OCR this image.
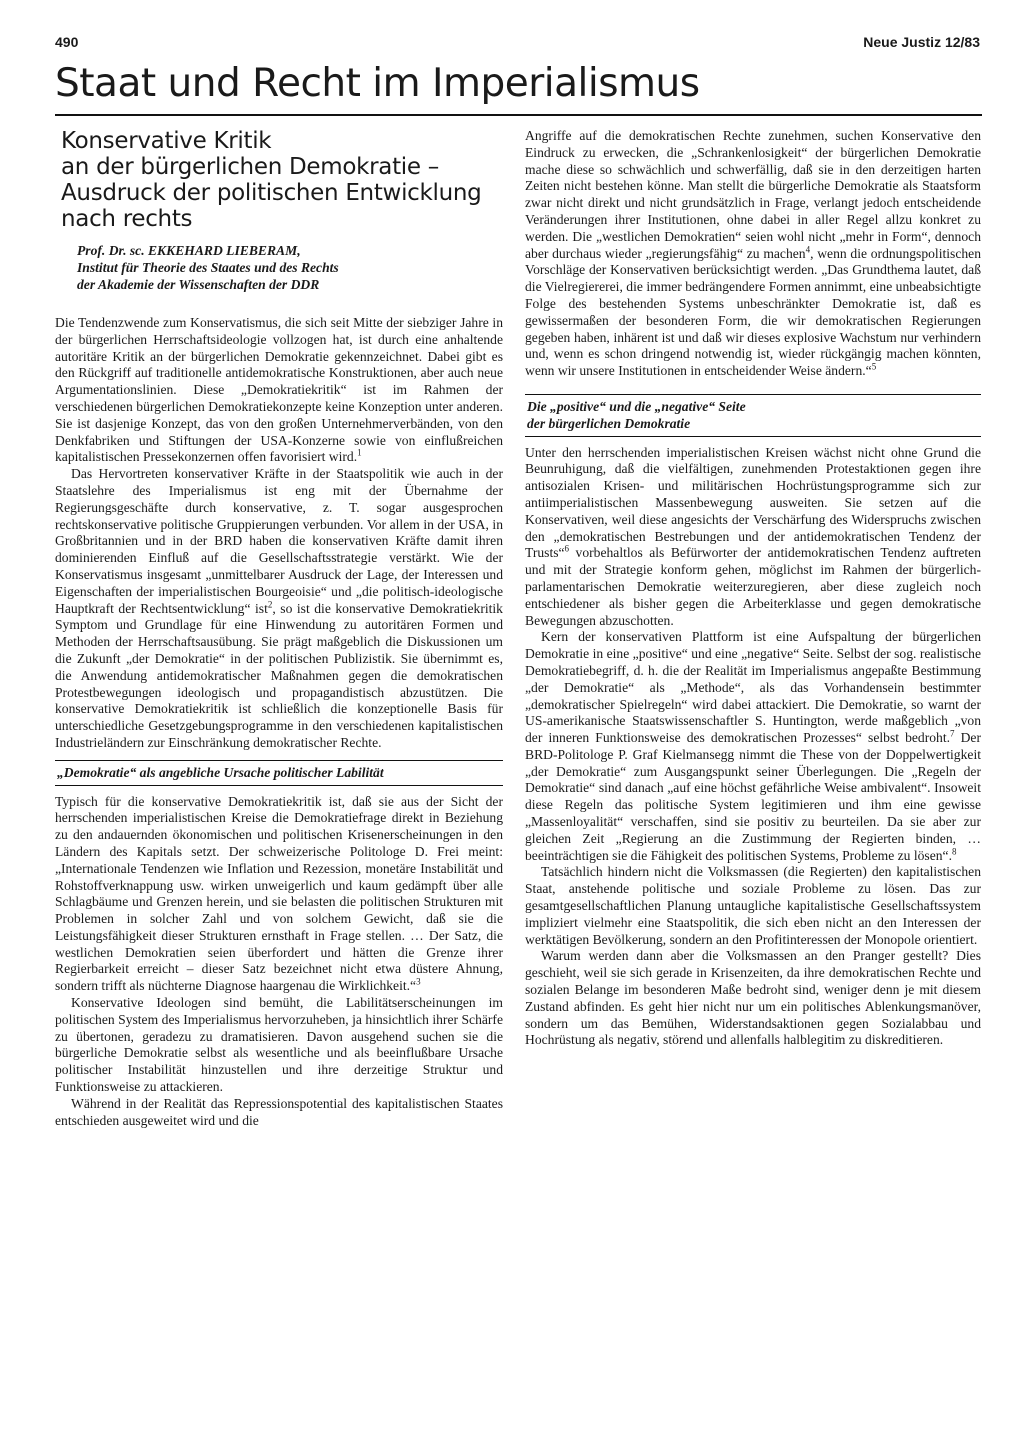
490	Neue Justiz 12/83
Staat und Recht im Imperialismus
Konservative Kritik
an der bürgerlichen Demokratie –
Ausdruck der politischen Entwicklung
nach rechts
Prof. Dr. sc. EKKEHARD LIEBERAM,
Institut für Theorie des Staates und des Rechts
der Akademie der Wissenschaften der DDR

Die Tendenzwende zum Konservatismus, die sich seit Mitte der siebziger Jahre in der bürgerlichen Herrschaftsideologie vollzogen hat, ist durch eine anhaltende autoritäre Kritik an der bürgerlichen Demokratie gekennzeichnet. Dabei gibt es den Rückgriff auf traditionelle antidemokratische Konstruktionen, aber auch neue Argumentationslinien. Diese „Demokratiekritik“ ist im Rahmen der verschiedenen bürgerlichen Demokratiekonzepte keine Konzeption unter anderen. Sie ist dasjenige Konzept, das von den großen Unternehmerverbänden, von den Denkfabriken und Stiftungen der USA-Konzerne sowie von einflußreichen kapitalistischen Pressekonzernen offen favorisiert wird.$^1$

Das Hervortreten konservativer Kräfte in der Staatspolitik wie auch in der Staatslehre des Imperialismus ist eng mit der Übernahme der Regierungsgeschäfte durch konservative, z. T. sogar ausgesprochen rechtskonservative politische Gruppierungen verbunden. Vor allem in der USA, in Großbritannien und in der BRD haben die konservativen Kräfte damit ihren dominierenden Einfluß auf die Gesellschaftsstrategie verstärkt. Wie der Konservatismus insgesamt „unmittelbarer Ausdruck der Lage, der Interessen und Eigenschaften der imperialistischen Bourgeoisie“ und „die politisch-ideologische Hauptkraft der Rechtsentwicklung“ ist$^2$, so ist die konservative Demokratiekritik Symptom und Grundlage für eine Hinwendung zu autoritären Formen und Methoden der Herrschaftsausübung. Sie prägt maßgeblich die Diskussionen um die Zukunft „der Demokratie“ in der politischen Publizistik. Sie übernimmt es, die Anwendung antidemokratischer Maßnahmen gegen die demokratischen Protestbewegungen ideologisch und propagandistisch abzustützen. Die konservative Demokratiekritik ist schließlich die konzeptionelle Basis für unterschiedliche Gesetzgebungsprogramme in den verschiedenen kapitalistischen Industrieländern zur Einschränkung demokratischer Rechte.

„Demokratie“ als angebliche Ursache politischer Labilität

Typisch für die konservative Demokratiekritik ist, daß sie aus der Sicht der herrschenden imperialistischen Kreise die Demokratiefrage direkt in Beziehung zu den andauernden ökonomischen und politischen Krisenerscheinungen in den Ländern des Kapitals setzt. Der schweizerische Politologe D. Frei meint: „Internationale Tendenzen wie Inflation und Rezession, monetäre Instabilität und Rohstoffverknappung usw. wirken unweigerlich und kaum gedämpft über alle Schlagbäume und Grenzen herein, und sie belasten die politischen Strukturen mit Problemen in solcher Zahl und von solchem Gewicht, daß sie die Leistungsfähigkeit dieser Strukturen ernsthaft in Frage stellen. … Der Satz, die westlichen Demokratien seien überfordert und hätten die Grenze ihrer Regierbarkeit erreicht – dieser Satz bezeichnet nicht etwa düstere Ahnung, sondern trifft als nüchterne Diagnose haargenau die Wirklichkeit.“$^3$

Konservative Ideologen sind bemüht, die Labilitätserscheinungen im politischen System des Imperialismus hervorzuheben, ja hinsichtlich ihrer Schärfe zu übertonen, geradezu zu dramatisieren. Davon ausgehend suchen sie die bürgerliche Demokratie selbst als wesentliche und als beeinflußbare Ursache politischer Instabilität hinzustellen und ihre derzeitige Struktur und Funktionsweise zu attackieren.

Während in der Realität das Repressionspotential des kapitalistischen Staates entschieden ausgeweitet wird und die

Angriffe auf die demokratischen Rechte zunehmen, suchen Konservative den Eindruck zu erwecken, die „Schrankenlosigkeit“ der bürgerlichen Demokratie mache diese so schwächlich und schwerfällig, daß sie in den derzeitigen harten Zeiten nicht bestehen könne. Man stellt die bürgerliche Demokratie als Staatsform zwar nicht direkt und nicht grundsätzlich in Frage, verlangt jedoch entscheidende Veränderungen ihrer Institutionen, ohne dabei in aller Regel allzu konkret zu werden. Die „westlichen Demokratien“ seien wohl nicht „mehr in Form“, dennoch aber durchaus wieder „regierungsfähig“ zu machen$^4$, wenn die ordnungspolitischen Vorschläge der Konservativen berücksichtigt werden. „Das Grundthema lautet, daß die Vielregiererei, die immer bedrängendere Formen annimmt, eine unbeabsichtigte Folge des bestehenden Systems unbeschränkter Demokratie ist, daß es gewissermaßen der besonderen Form, die wir demokratischen Regierungen gegeben haben, inhärent ist und daß wir dieses explosive Wachstum nur verhindern und, wenn es schon dringend notwendig ist, wieder rückgängig machen könnten, wenn wir unsere Institutionen in entscheidender Weise ändern.“$^5$

Die „positive“ und die „negative“ Seite
der bürgerlichen Demokratie

Unter den herrschenden imperialistischen Kreisen wächst nicht ohne Grund die Beunruhigung, daß die vielfältigen, zunehmenden Protestaktionen gegen ihre antisozialen Krisen- und militärischen Hochrüstungsprogramme sich zur antiimperialistischen Massenbewegung ausweiten. Sie setzen auf die Konservativen, weil diese angesichts der Verschärfung des Widerspruchs zwischen den „demokratischen Bestrebungen und der antidemokratischen Tendenz der Trusts“$^6$ vorbehaltlos als Befürworter der antidemokratischen Tendenz auftreten und mit der Strategie konform gehen, möglichst im Rahmen der bürgerlich-parlamentarischen Demokratie weiterzuregieren, aber diese zugleich noch entschiedener als bisher gegen die Arbeiterklasse und gegen demokratische Bewegungen abzuschotten.

Kern der konservativen Plattform ist eine Aufspaltung der bürgerlichen Demokratie in eine „positive“ und eine „negative“ Seite. Selbst der sog. realistische Demokratiebegriff, d. h. die der Realität im Imperialismus angepaßte Bestimmung „der Demokratie“ als „Methode“, als das Vorhandensein bestimmter „demokratischer Spielregeln“ wird dabei attackiert. Die Demokratie, so warnt der US-amerikanische Staatswissenschaftler S. Huntington, werde maßgeblich „von der inneren Funktionsweise des demokratischen Prozesses“ selbst bedroht.$^7$ Der BRD-Politologe P. Graf Kielmansegg nimmt die These von der Doppelwertigkeit „der Demokratie“ zum Ausgangspunkt seiner Überlegungen. Die „Regeln der Demokratie“ sind danach „auf eine höchst gefährliche Weise ambivalent“. Insoweit diese Regeln das politische System legitimieren und ihm eine gewisse „Massenloyalität“ verschaffen, sind sie positiv zu beurteilen. Da sie aber zur gleichen Zeit „Regierung an die Zustimmung der Regierten binden, … beeinträchtigen sie die Fähigkeit des politischen Systems, Probleme zu lösen“.$^8$

Tatsächlich hindern nicht die Volksmassen (die Regierten) den kapitalistischen Staat, anstehende politische und soziale Probleme zu lösen. Das zur gesamtgesellschaftlichen Planung untaugliche kapitalistische Gesellschaftssystem impliziert vielmehr eine Staatspolitik, die sich eben nicht an den Interessen der werktätigen Bevölkerung, sondern an den Profitinteressen der Monopole orientiert.

Warum werden dann aber die Volksmassen an den Pranger gestellt? Dies geschieht, weil sie sich gerade in Krisenzeiten, da ihre demokratischen Rechte und sozialen Belange im besonderen Maße bedroht sind, weniger denn je mit diesem Zustand abfinden. Es geht hier nicht nur um ein politisches Ablenkungsmanöver, sondern um das Bemühen, Widerstandsaktionen gegen Sozialabbau und Hochrüstung als negativ, störend und allenfalls halblegitim zu diskreditieren.
